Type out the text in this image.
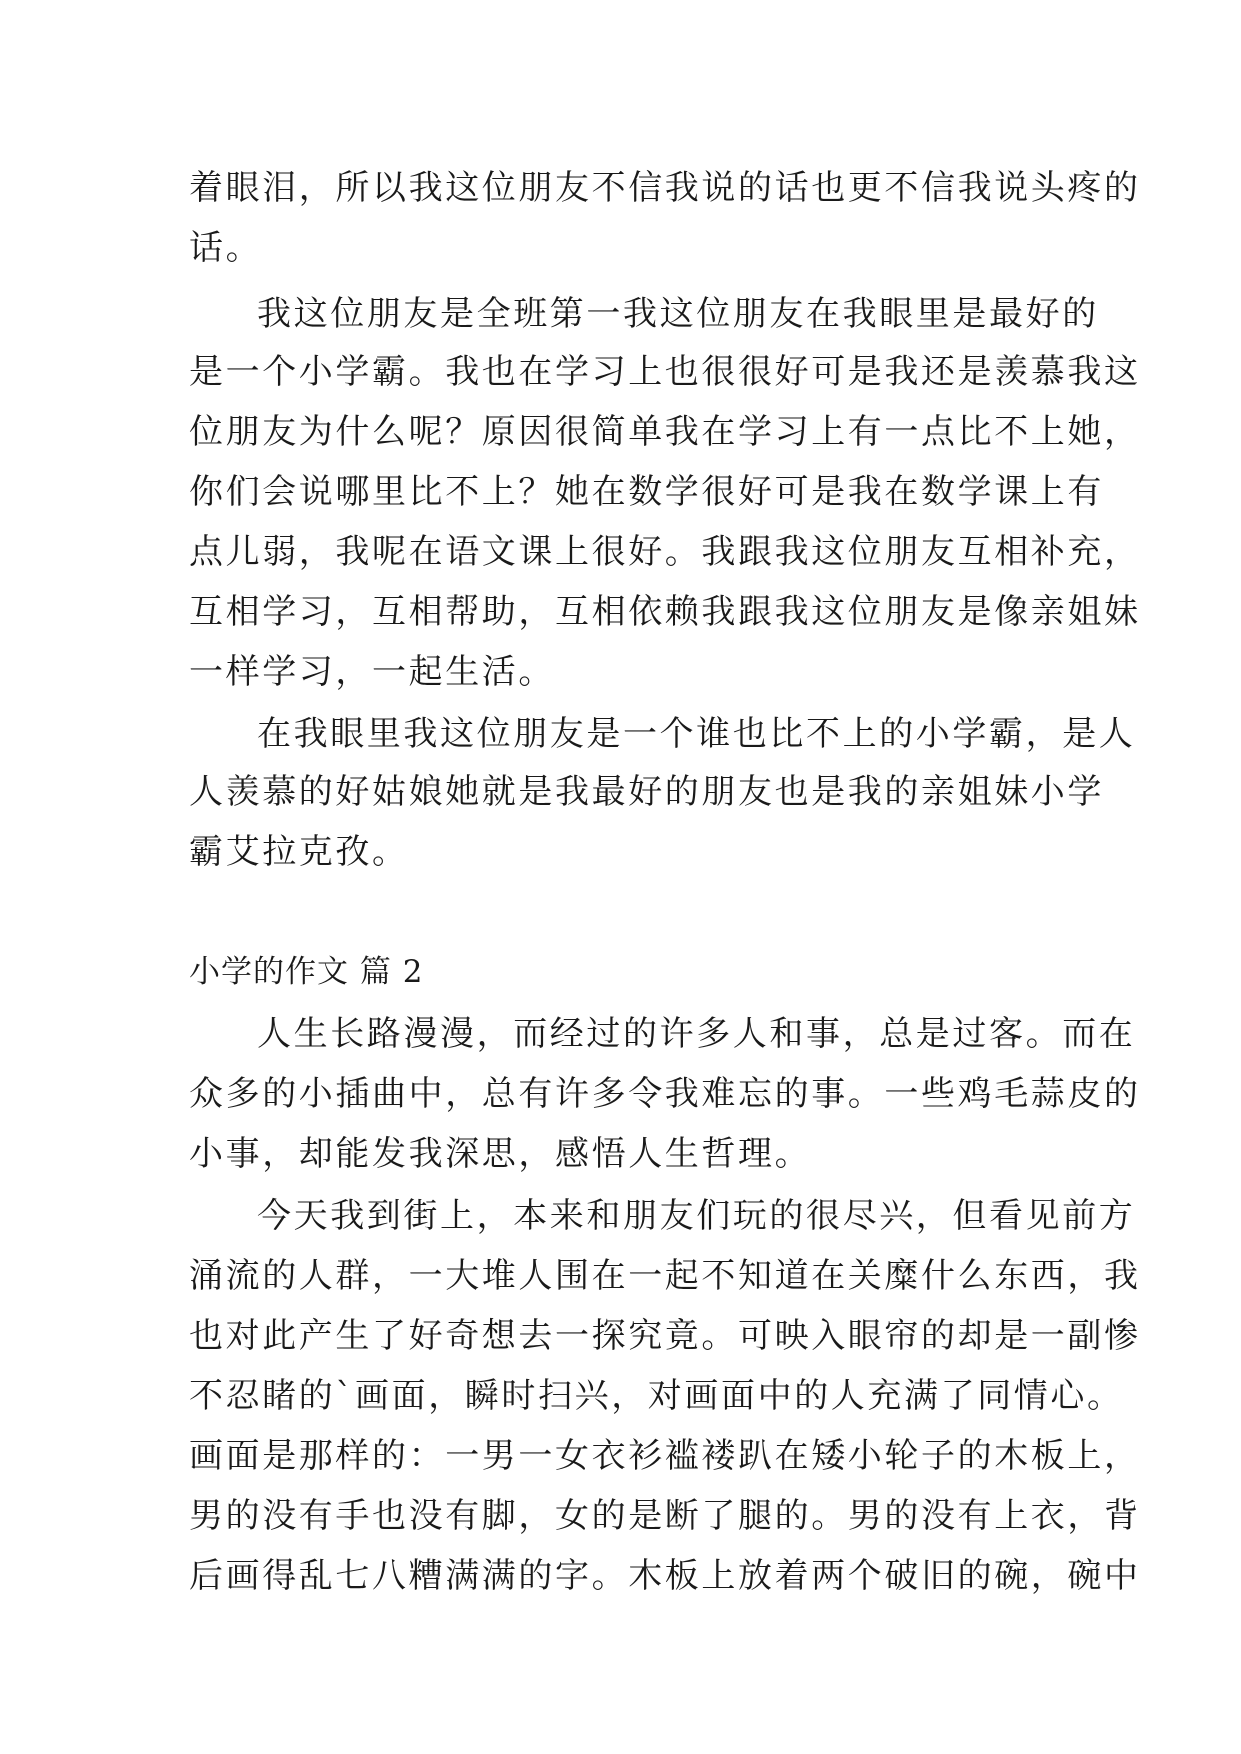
着眼泪，所以我这位朋友不信我说的话也更不信我说头疼的
话。
我这位朋友是全班第一我这位朋友在我眼里是最好的
是一个小学霸。我也在学习上也很很好可是我还是羡慕我这
位朋友为什么呢？原因很简单我在学习上有一点比不上她，
你们会说哪里比不上？她在数学很好可是我在数学课上有
点儿弱，我呢在语文课上很好。我跟我这位朋友互相补充，
互相学习，互相帮助，互相依赖我跟我这位朋友是像亲姐妹
一样学习，一起生活。
在我眼里我这位朋友是一个谁也比不上的小学霸，是人
人羡慕的好姑娘她就是我最好的朋友也是我的亲姐妹小学
霸艾拉克孜。
小学的作文 篇 2
人生长路漫漫，而经过的许多人和事，总是过客。而在
众多的小插曲中，总有许多令我难忘的事。一些鸡毛蒜皮的
小事，却能发我深思，感悟人生哲理。
今天我到街上，本来和朋友们玩的很尽兴，但看见前方
涌流的人群，一大堆人围在一起不知道在关糜什么东西，我
也对此产生了好奇想去一探究竟。可映入眼帘的却是一副惨
不忍睹的`画面，瞬时扫兴，对画面中的人充满了同情心。
画面是那样的：一男一女衣衫褴褛趴在矮小轮子的木板上，
男的没有手也没有脚，女的是断了腿的。男的没有上衣，背
后画得乱七八糟满满的字。木板上放着两个破旧的碗，碗中
